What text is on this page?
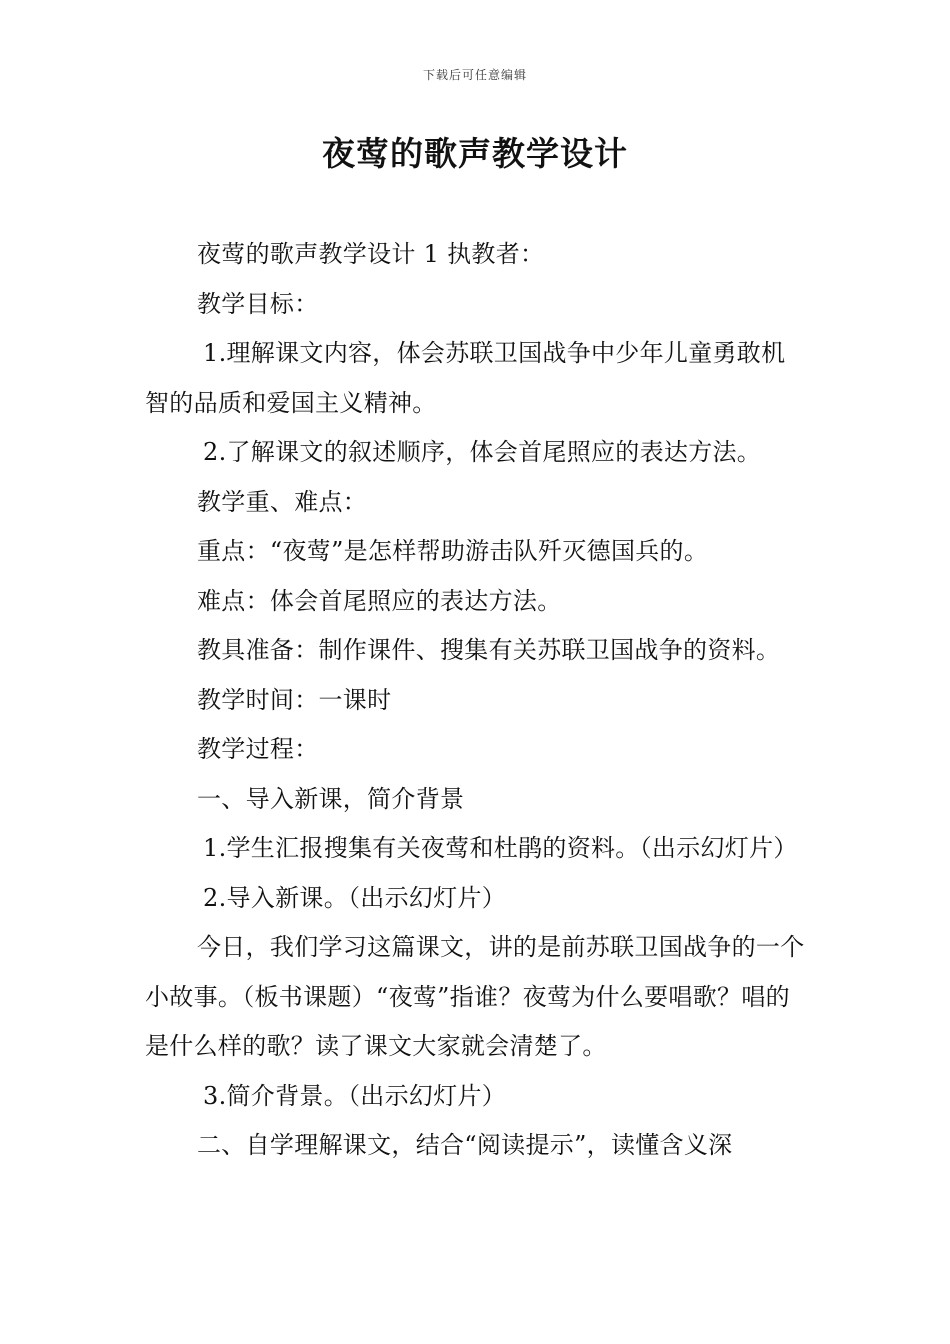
下载后可任意编辑
夜莺的歌声教学设计

夜莺的歌声教学设计 1 执教者：

教学目标：

1.理解课文内容，体会苏联卫国战争中少年儿童勇敢机智的品质和爱国主义精神。

2.了解课文的叙述顺序，体会首尾照应的表达方法。

教学重、难点：

重点：“夜莺”是怎样帮助游击队歼灭德国兵的。

难点：体会首尾照应的表达方法。

教具准备：制作课件、搜集有关苏联卫国战争的资料。

教学时间：一课时

教学过程：

一、导入新课，简介背景

1.学生汇报搜集有关夜莺和杜鹃的资料。（出示幻灯片）

2.导入新课。（出示幻灯片）

今日，我们学习这篇课文，讲的是前苏联卫国战争的一个小故事。（板书课题）“夜莺”指谁？夜莺为什么要唱歌？唱的是什么样的歌？读了课文大家就会清楚了。

3.简介背景。（出示幻灯片）

二、自学理解课文，结合“阅读提示”，读懂含义深
